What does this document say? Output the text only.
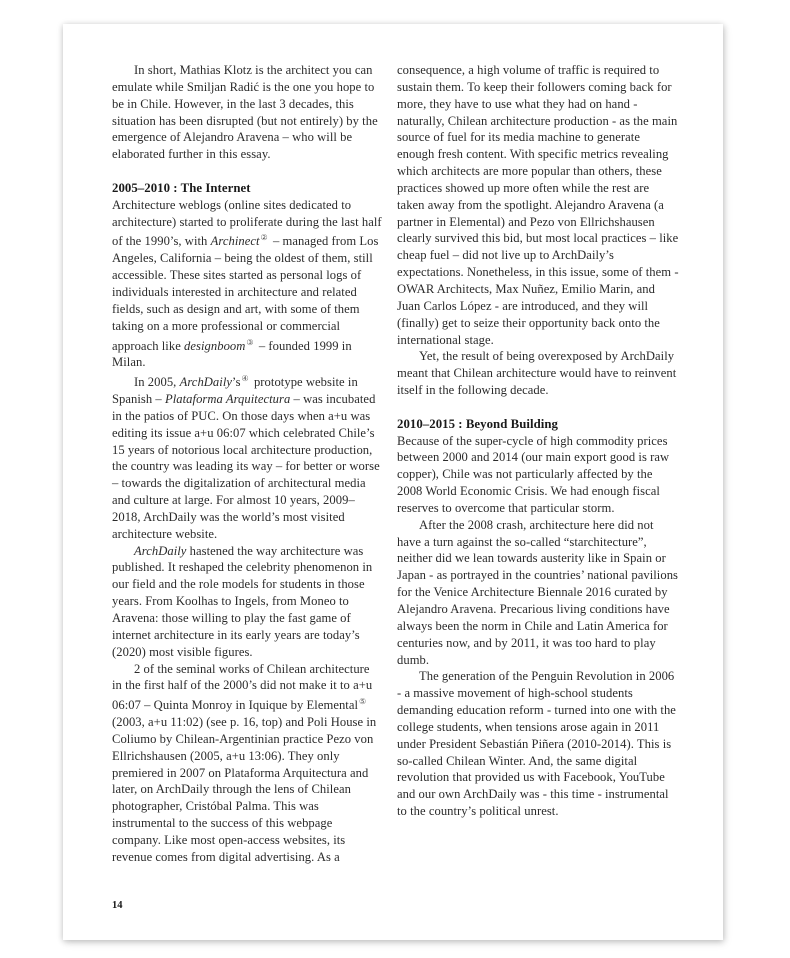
In short, Mathias Klotz is the architect you can emulate while Smiljan Radić is the one you hope to be in Chile. However, in the last 3 decades, this situation has been disrupted (but not entirely) by the emergence of Alejandro Aravena – who will be elaborated further in this essay.

2005–2010 : The Internet

Architecture weblogs (online sites dedicated to architecture) started to proliferate during the last half of the 1990’s, with Archinect② – managed from Los Angeles, California – being the oldest of them, still accessible. These sites started as personal logs of individuals interested in architecture and related fields, such as design and art, with some of them taking on a more professional or commercial approach like designboom③ – founded 1999 in Milan.

In 2005, ArchDaily’s④ prototype website in Spanish – Plataforma Arquitectura – was incubated in the patios of PUC. On those days when a+u was editing its issue a+u 06:07 which celebrated Chile’s 15 years of notorious local architecture production, the country was leading its way – for better or worse – towards the digitalization of architectural media and culture at large. For almost 10 years, 2009–2018, ArchDaily was the world’s most visited architecture website.

ArchDaily hastened the way architecture was published. It reshaped the celebrity phenomenon in our field and the role models for students in those years. From Koolhas to Ingels, from Moneo to Aravena: those willing to play the fast game of internet architecture in its early years are today’s (2020) most visible figures.

2 of the seminal works of Chilean architecture in the first half of the 2000’s did not make it to a+u 06:07 – Quinta Monroy in Iquique by Elemental⑤ (2003, a+u 11:02) (see p. 16, top) and Poli House in Coliumo by Chilean-Argentinian practice Pezo von Ellrichshausen (2005, a+u 13:06). They only premiered in 2007 on Plataforma Arquitectura and later, on ArchDaily through the lens of Chilean photographer, Cristóbal Palma. This was instrumental to the success of this webpage company. Like most open-access websites, its revenue comes from digital advertising. As a

consequence, a high volume of traffic is required to sustain them. To keep their followers coming back for more, they have to use what they had on hand - naturally, Chilean architecture production - as the main source of fuel for its media machine to generate enough fresh content. With specific metrics revealing which architects are more popular than others, these practices showed up more often while the rest are taken away from the spotlight. Alejandro Aravena (a partner in Elemental) and Pezo von Ellrichshausen clearly survived this bid, but most local practices – like cheap fuel – did not live up to ArchDaily’s expectations. Nonetheless, in this issue, some of them - OWAR Architects, Max Nuñez, Emilio Marin, and Juan Carlos López - are introduced, and they will (finally) get to seize their opportunity back onto the international stage.

Yet, the result of being overexposed by ArchDaily meant that Chilean architecture would have to reinvent itself in the following decade.

2010–2015 : Beyond Building

Because of the super-cycle of high commodity prices between 2000 and 2014 (our main export good is raw copper), Chile was not particularly affected by the 2008 World Economic Crisis. We had enough fiscal reserves to overcome that particular storm.

After the 2008 crash, architecture here did not have a turn against the so-called “starchitecture”, neither did we lean towards austerity like in Spain or Japan - as portrayed in the countries’ national pavilions for the Venice Architecture Biennale 2016 curated by Alejandro Aravena. Precarious living conditions have always been the norm in Chile and Latin America for centuries now, and by 2011, it was too hard to play dumb.

The generation of the Penguin Revolution in 2006 - a massive movement of high-school students demanding education reform - turned into one with the college students, when tensions arose again in 2011 under President Sebastián Piñera (2010-2014). This is so-called Chilean Winter. And, the same digital revolution that provided us with Facebook, YouTube and our own ArchDaily was - this time - instrumental to the country’s political unrest.

14
